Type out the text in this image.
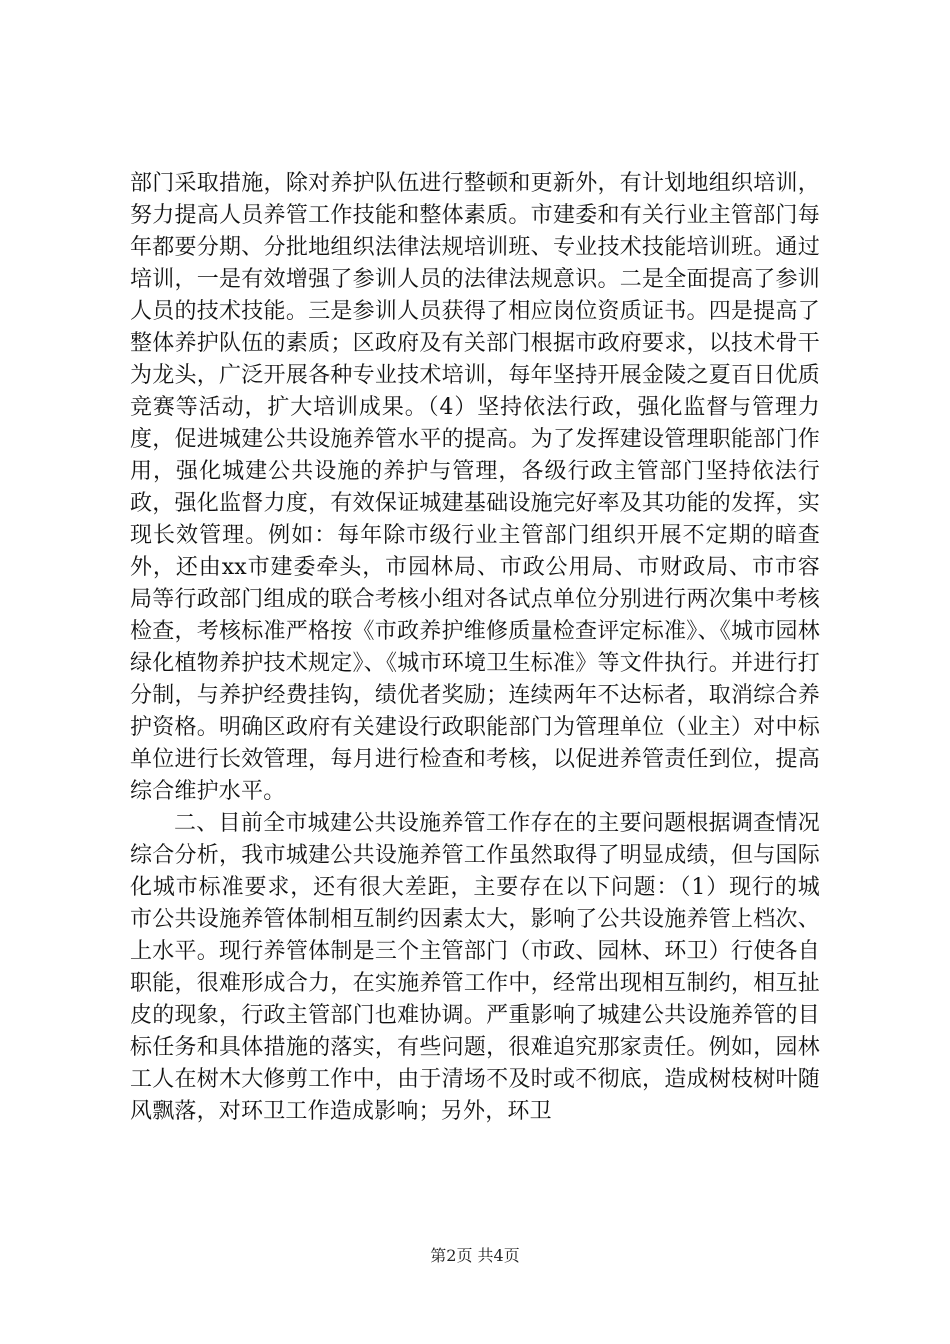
部门采取措施，除对养护队伍进行整顿和更新外，有计划地组织培训，努力提高人员养管工作技能和整体素质。市建委和有关行业主管部门每年都要分期、分批地组织法律法规培训班、专业技术技能培训班。通过培训，一是有效增强了参训人员的法律法规意识。二是全面提高了参训人员的技术技能。三是参训人员获得了相应岗位资质证书。四是提高了整体养护队伍的素质；区政府及有关部门根据市政府要求，以技术骨干为龙头，广泛开展各种专业技术培训，每年坚持开展金陵之夏百日优质竞赛等活动，扩大培训成果。（4）坚持依法行政，强化监督与管理力度，促进城建公共设施养管水平的提高。为了发挥建设管理职能部门作用，强化城建公共设施的养护与管理，各级行政主管部门坚持依法行政，强化监督力度，有效保证城建基础设施完好率及其功能的发挥，实现长效管理。例如：每年除市级行业主管部门组织开展不定期的暗查外，还由xx市建委牵头，市园林局、市政公用局、市财政局、市市容局等行政部门组成的联合考核小组对各试点单位分别进行两次集中考核检查，考核标准严格按《市政养护维修质量检查评定标准》、《城市园林绿化植物养护技术规定》、《城市环境卫生标准》等文件执行。并进行打分制，与养护经费挂钩，绩优者奖励；连续两年不达标者，取消综合养护资格。明确区政府有关建设行政职能部门为管理单位（业主）对中标单位进行长效管理，每月进行检查和考核，以促进养管责任到位，提高综合维护水平。

二、目前全市城建公共设施养管工作存在的主要问题根据调查情况综合分析，我市城建公共设施养管工作虽然取得了明显成绩，但与国际化城市标准要求，还有很大差距，主要存在以下问题：（1）现行的城市公共设施养管体制相互制约因素太大，影响了公共设施养管上档次、上水平。现行养管体制是三个主管部门（市政、园林、环卫）行使各自职能，很难形成合力，在实施养管工作中，经常出现相互制约，相互扯皮的现象，行政主管部门也难协调。严重影响了城建公共设施养管的目标任务和具体措施的落实，有些问题，很难追究那家责任。例如，园林工人在树木大修剪工作中，由于清场不及时或不彻底，造成树枝树叶随风飘落，对环卫工作造成影响；另外，环卫

第2页 共4页
